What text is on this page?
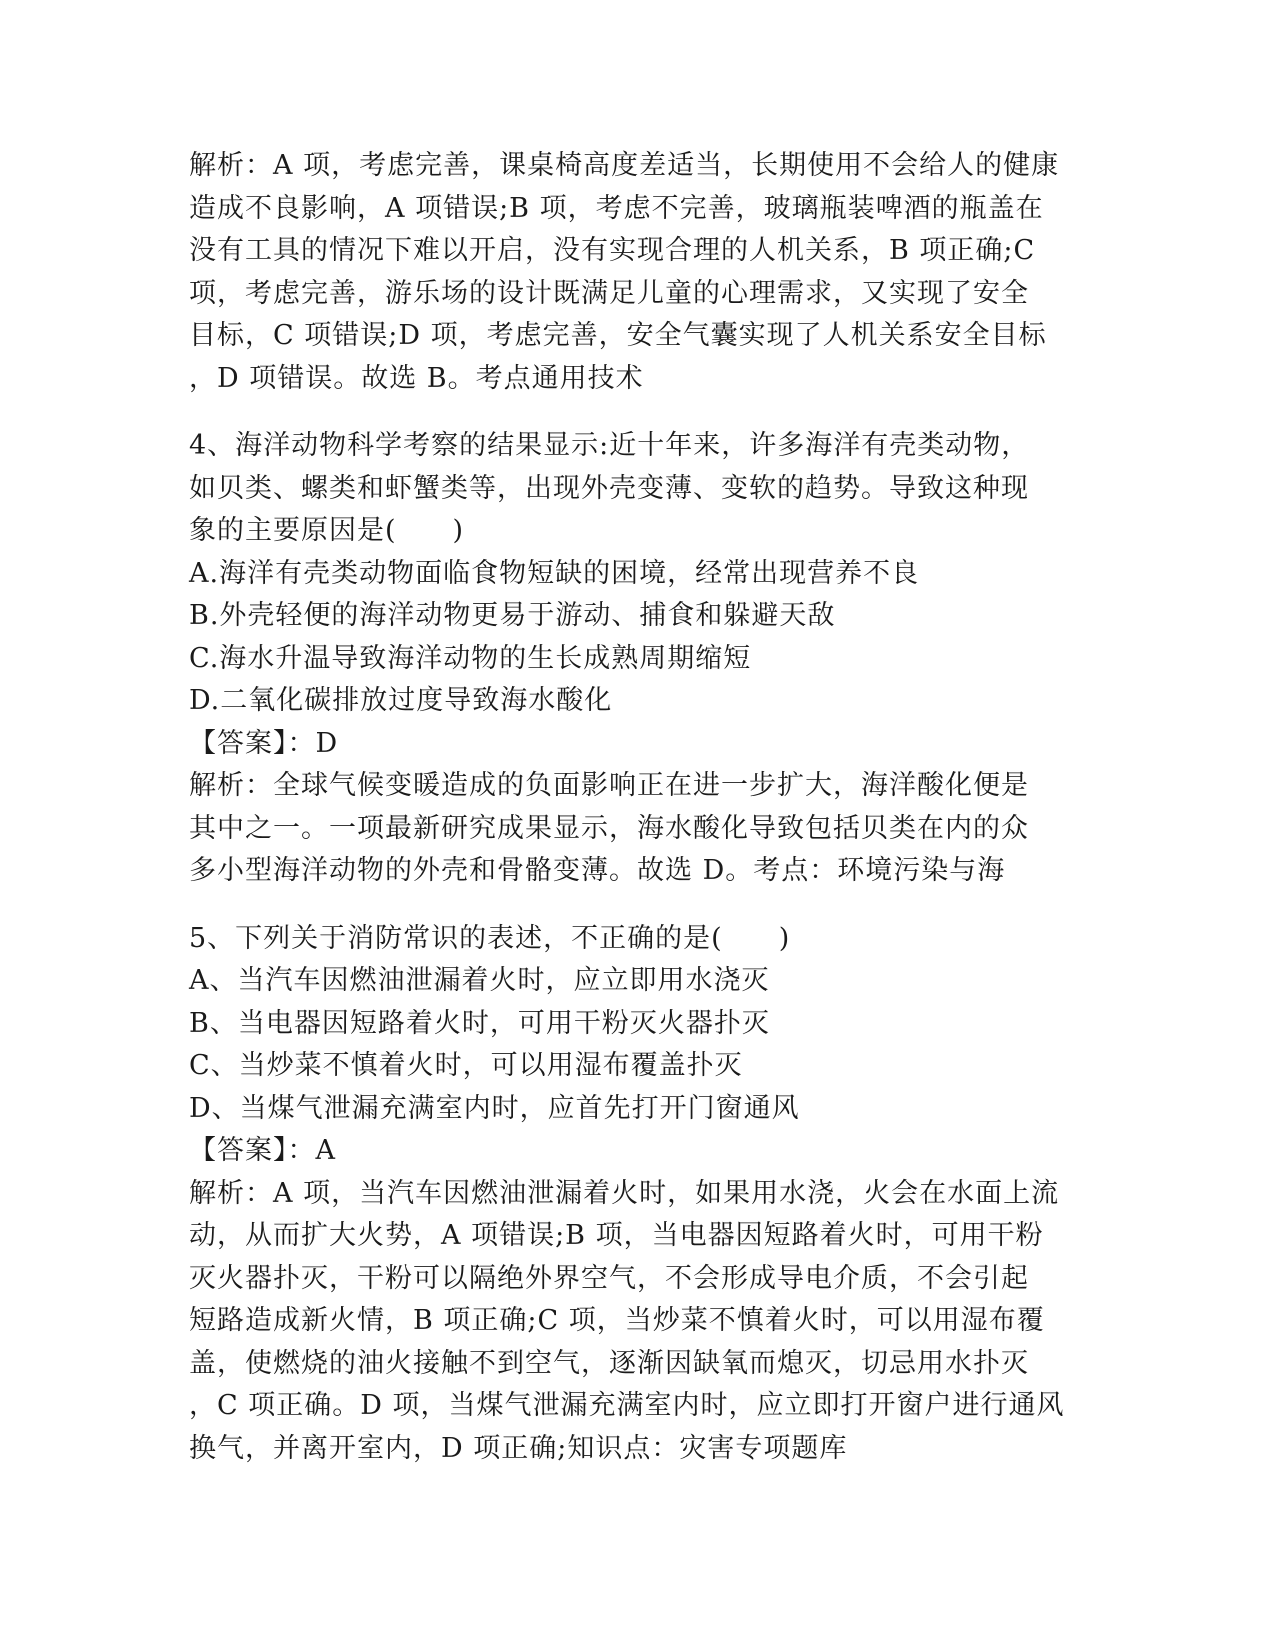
解析：A 项，考虑完善，课桌椅高度差适当，长期使用不会给人的健康
造成不良影响，A 项错误;B 项，考虑不完善，玻璃瓶装啤酒的瓶盖在
没有工具的情况下难以开启，没有实现合理的人机关系，B 项正确;C
项，考虑完善，游乐场的设计既满足儿童的心理需求，又实现了安全
目标，C 项错误;D 项，考虑完善，安全气囊实现了人机关系安全目标
，D 项错误。故选 B。考点通用技术
4、海洋动物科学考察的结果显示:近十年来，许多海洋有壳类动物，
如贝类、螺类和虾蟹类等，出现外壳变薄、变软的趋势。导致这种现
象的主要原因是(　　)
A.海洋有壳类动物面临食物短缺的困境，经常出现营养不良
B.外壳轻便的海洋动物更易于游动、捕食和躲避天敌
C.海水升温导致海洋动物的生长成熟周期缩短
D.二氧化碳排放过度导致海水酸化
【答案】：D
解析：全球气候变暖造成的负面影响正在进一步扩大，海洋酸化便是
其中之一。一项最新研究成果显示，海水酸化导致包括贝类在内的众
多小型海洋动物的外壳和骨骼变薄。故选 D。考点：环境污染与海
5、下列关于消防常识的表述，不正确的是(　　)
A、当汽车因燃油泄漏着火时，应立即用水浇灭
B、当电器因短路着火时，可用干粉灭火器扑灭
C、当炒菜不慎着火时，可以用湿布覆盖扑灭
D、当煤气泄漏充满室内时，应首先打开门窗通风
【答案】：A
解析：A 项，当汽车因燃油泄漏着火时，如果用水浇，火会在水面上流
动，从而扩大火势，A 项错误;B 项，当电器因短路着火时，可用干粉
灭火器扑灭，干粉可以隔绝外界空气，不会形成导电介质，不会引起
短路造成新火情，B 项正确;C 项，当炒菜不慎着火时，可以用湿布覆
盖，使燃烧的油火接触不到空气，逐渐因缺氧而熄灭，切忌用水扑灭
，C 项正确。D 项，当煤气泄漏充满室内时，应立即打开窗户进行通风
换气，并离开室内，D 项正确;知识点：灾害专项题库
